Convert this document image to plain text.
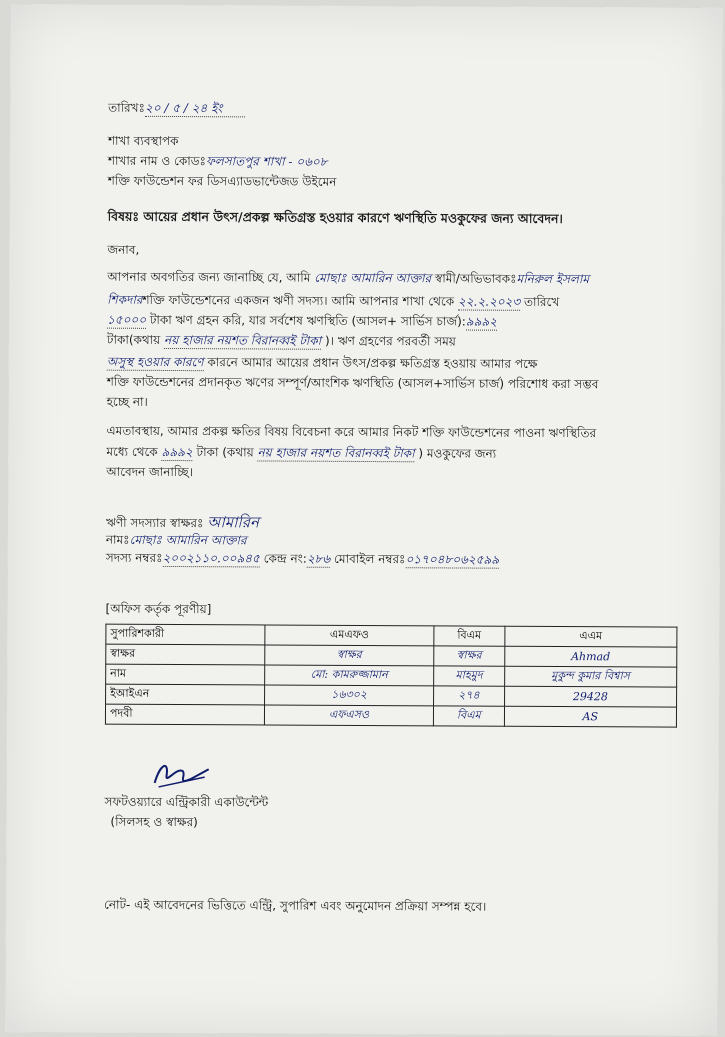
তারিখঃ২০ / ৫ / ২৪ ইং
শাখা ব্যবস্থাপক
শাখার নাম ও কোডঃফলসাতপুর শাখা - ০৬০৮
শক্তি ফাউন্ডেশন ফর ডিসএ্যাডভান্টেজড উইমেন
বিষয়ঃ আয়ের প্রধান উৎস/প্রকল্প ক্ষতিগ্রস্ত হওয়ার কারণে ঋণস্থিতি মওকুফের জন্য আবেদন।
জনাব,
আপনার অবগতির জন্য জানাচ্ছি যে, আমি মোছাঃ আমারিন আক্তার স্বামী/অভিভাবকঃমনিরুল ইসলাম
শিকদারশক্তি ফাউন্ডেশনের একজন ঋণী সদস্য। আমি আপনার শাখা থেকে ২২.২.২০২৩ তারিখে
১৫০০০ টাকা ঋণ গ্রহন করি, যার সর্বশেষ ঋণস্থিতি (আসল+ সার্ভিস চার্জ):৯৯৯২
টাকা(কথায় নয় হাজার নয়শত বিরানব্বই টাকা )। ঋণ গ্রহণের পরবর্তী সময়
অসুস্থ হওয়ার কারণে কারনে আমার আয়ের প্রধান উৎস/প্রকল্প ক্ষতিগ্রস্ত হওয়ায় আমার পক্ষে
শক্তি ফাউন্ডেশনের প্রদানকৃত ঋণের সম্পূর্ণ/আংশিক ঋণস্থিতি (আসল+সার্ভিস চার্জ) পরিশোধ করা সম্ভব
হচ্ছে না।
এমতাবস্থায়, আমার প্রকল্প ক্ষতির বিষয় বিবেচনা করে আমার নিকট শক্তি ফাউন্ডেশনের পাওনা ঋণস্থিতির
মধ্যে থেকে ৯৯৯২ টাকা (কথায় নয় হাজার নয়শত বিরানব্বই টাকা ) মওকুফের জন্য
আবেদন জানাচ্ছি।
ঋণী সদস্যার স্বাক্ষরঃ আমারিন
নামঃমোছাঃ আমারিন আক্তার
সদস্য নম্বরঃ২০০২১১০.০০৯৪৫ কেন্দ্র নং:২৮৬ মোবাইল নম্বরঃ০১৭০৪৮০৬২৫৯৯
[অফিস কর্তৃক পূরণীয়]
সুপারিশকারী	এমএফও	বিএম	এএম
স্বাক্ষর	স্বাক্ষর	স্বাক্ষর	Ahmad
নাম	মো: কামরুজ্জামান	মাহমুদ	মুকুন্দ কুমার বিশ্বাস
ইআইএন	১৬৩০২	২৭৪	29428
পদবী	এফএসও	বিএম	AS
সফটওয়্যারে এন্ট্রিকারী একাউন্টেন্ট
(সিলসহ ও স্বাক্ষর)
নোট- এই আবেদনের ভিত্তিতে এন্ট্রি, সুপারিশ এবং অনুমোদন প্রক্রিয়া সম্পন্ন হবে।
